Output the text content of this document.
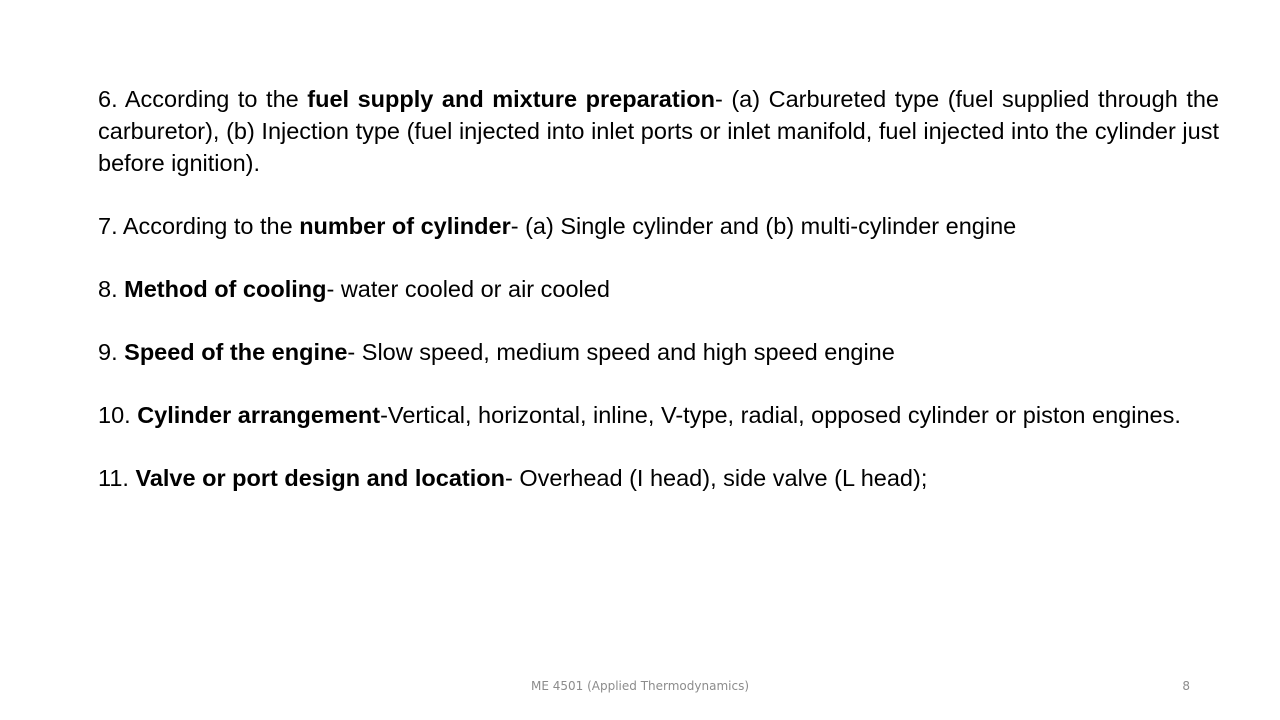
6. According to the fuel supply and mixture preparation- (a) Carbureted type (fuel supplied through the carburetor), (b) Injection type (fuel injected into inlet ports or inlet manifold, fuel injected into the cylinder just before ignition).

7. According to the number of cylinder- (a) Single cylinder and (b) multi-cylinder engine

8. Method of cooling- water cooled or air cooled

9. Speed of the engine- Slow speed, medium speed and high speed engine

10. Cylinder arrangement-Vertical, horizontal, inline, V-type, radial, opposed cylinder or piston engines.

11. Valve or port design and location- Overhead (I head), side valve (L head);

ME 4501 (Applied Thermodynamics)	8
